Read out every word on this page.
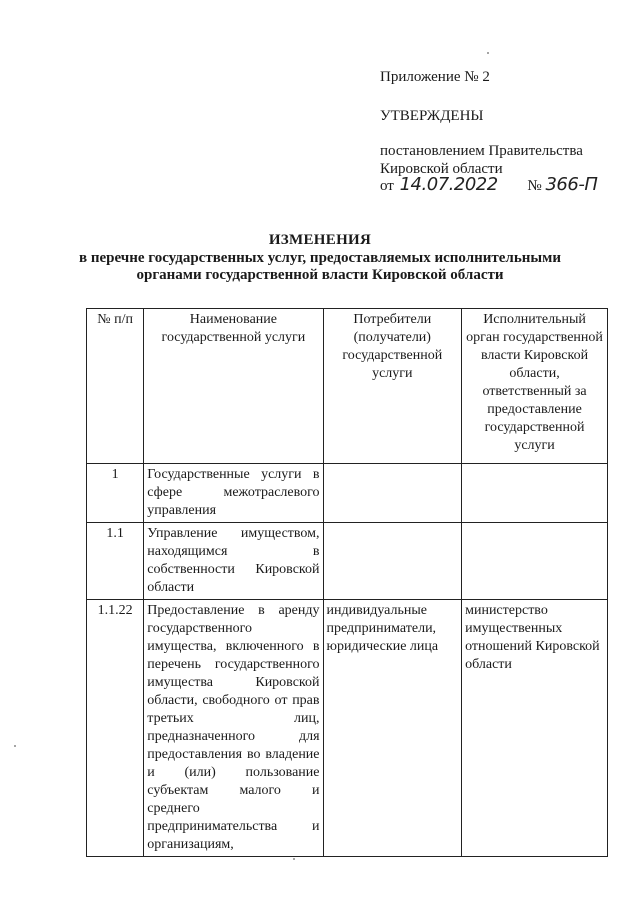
Приложение № 2
УТВЕРЖДЕНЫ
постановлением Правительства
Кировской области
от 14.07.2022 № 366-П
ИЗМЕНЕНИЯ
в перечне государственных услуг, предоставляемых исполнительными
органами государственной власти Кировской области
№ п/п	Наименование государственной услуги	Потребители (получатели) государственной услуги	Исполнительный орган государственной власти Кировской области, ответственный за предоставление государственной услуги
1	Государственные услуги в сфере межотраслевого управления		
1.1	Управление имуществом, находящимся в собственности Кировской области		
1.1.22	Предоставление в аренду государственного имущества, включенного в перечень государственного имущества Кировской области, свободного от прав третьих лиц, предназначенного для предоставления во владение и (или) пользование субъектам малого и среднего предпринимательства и организациям,	индивидуальные предприниматели, юридические лица	министерство имущественных отношений Кировской области
